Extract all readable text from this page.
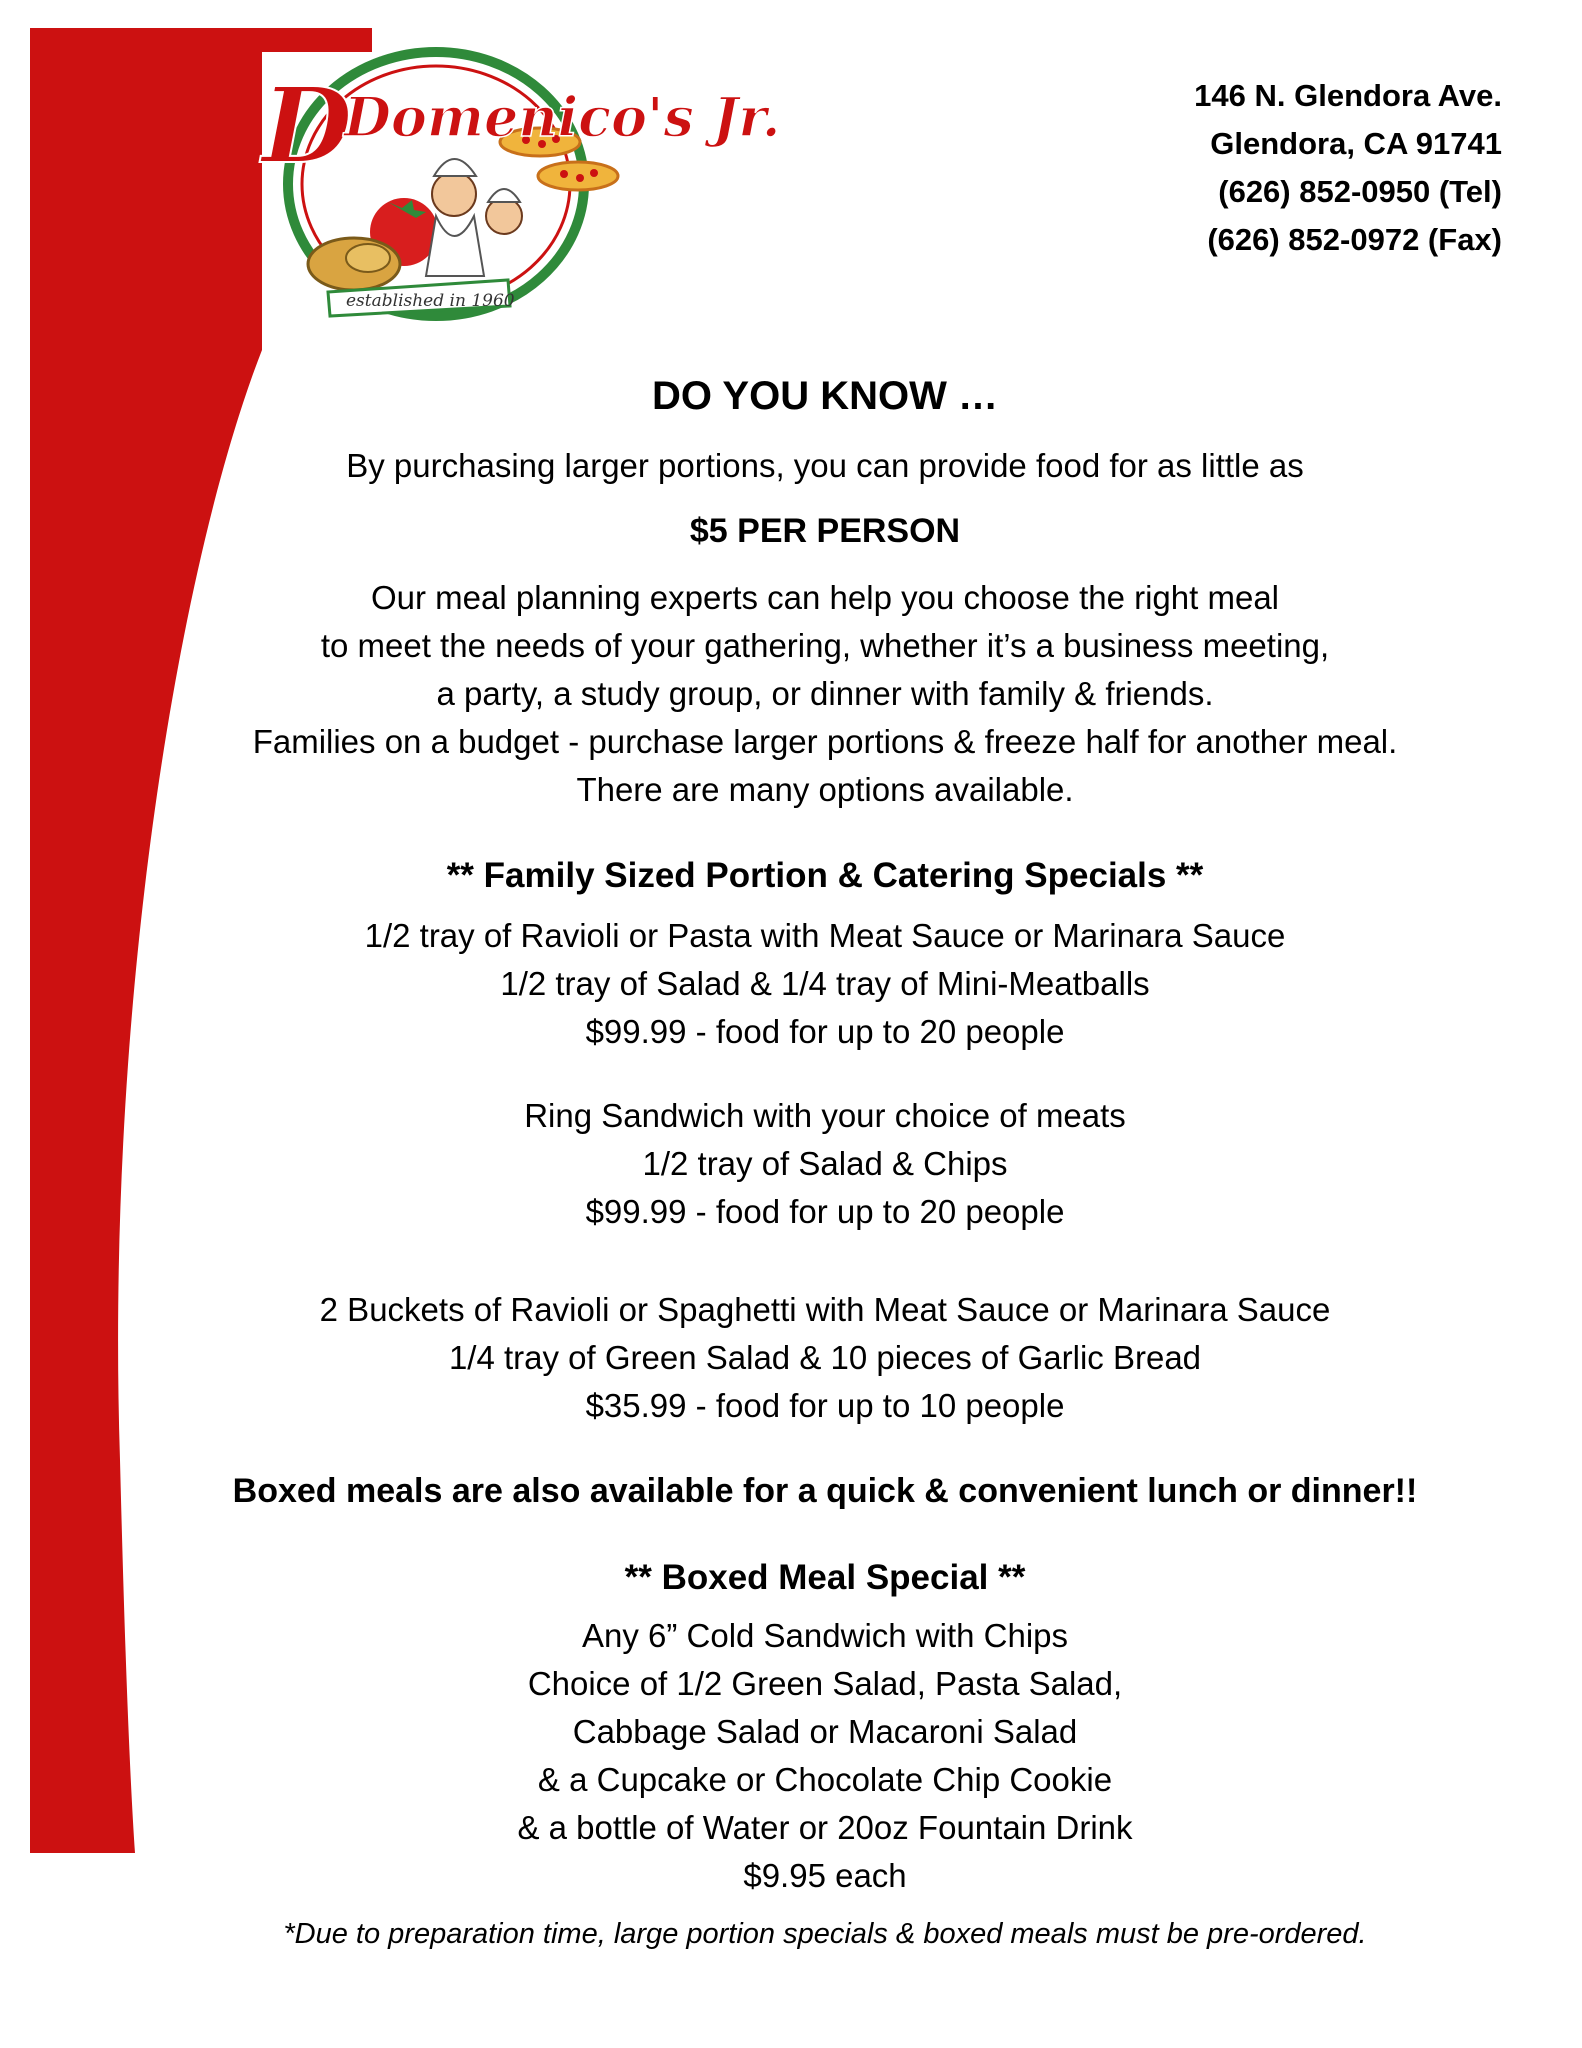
D
Domenico's Jr.
established in 1960
146 N. Glendora Ave.
Glendora, CA 91741
(626) 852-0950 (Tel)
(626) 852-0972 (Fax)
DO YOU KNOW …
By purchasing larger portions, you can provide food for as little as
$5 PER PERSON
Our meal planning experts can help you choose the right meal
to meet the needs of your gathering, whether it’s a business meeting,
a party, a study group, or dinner with family & friends.
Families on a budget - purchase larger portions & freeze half for another meal.
There are many options available.
** Family Sized Portion & Catering Specials **
1/2 tray of Ravioli or Pasta with Meat Sauce or Marinara Sauce
1/2 tray of Salad & 1/4 tray of Mini-Meatballs
$99.99 - food for up to 20 people
Ring Sandwich with your choice of meats
1/2 tray of Salad & Chips
$99.99 - food for up to 20 people
2 Buckets of Ravioli or Spaghetti with Meat Sauce or Marinara Sauce
1/4 tray of Green Salad & 10 pieces of Garlic Bread
$35.99 - food for up to 10 people
Boxed meals are also available for a quick & convenient lunch or dinner!!
** Boxed Meal Special **
Any 6” Cold Sandwich with Chips
Choice of 1/2 Green Salad, Pasta Salad,
Cabbage Salad or Macaroni Salad
& a Cupcake or Chocolate Chip Cookie
& a bottle of Water or 20oz Fountain Drink
$9.95 each
*Due to preparation time, large portion specials & boxed meals must be pre-ordered.
